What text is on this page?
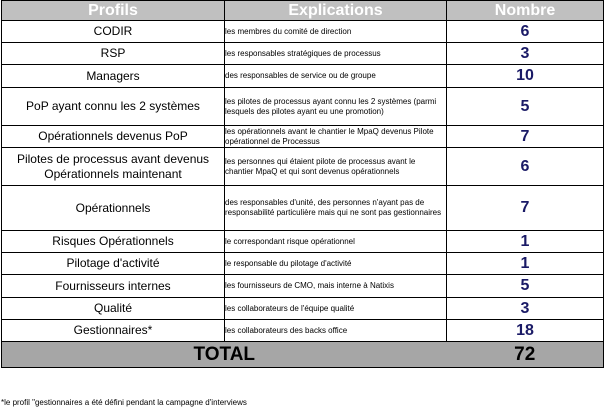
Profils	Explications	Nombre
CODIR	les membres du comité de direction	6
RSP	les responsables stratégiques de processus	3
Managers	des responsables de service ou de groupe	10
PoP ayant connu les 2 systèmes	les pilotes de processus ayant connu les 2 systèmes (parmi lesquels des pilotes ayant eu une promotion)	5
Opérationnels devenus PoP	les opérationnels avant le chantier le MpaQ devenus Pilote opérationnel de Processus	7
Pilotes de processus avant devenus Opérationnels maintenant	les personnes qui étaient pilote de processus avant le chantier MpaQ et qui sont devenus opérationnels	6
Opérationnels	des responsables d'unité, des personnes n'ayant pas de responsabilité particulière mais qui ne sont pas gestionnaires	7
Risques Opérationnels	le correspondant risque opérationnel	1
Pilotage d'activité	le responsable du pilotage d'activité	1
Fournisseurs internes	les fournisseurs de CMO, mais interne à Natixis	5
Qualité	les collaborateurs de l'équipe qualité	3
Gestionnaires*	les collaborateurs des backs office	18
TOTAL		72
*le profil "gestionnaires a été défini pendant la campagne d'interviews
